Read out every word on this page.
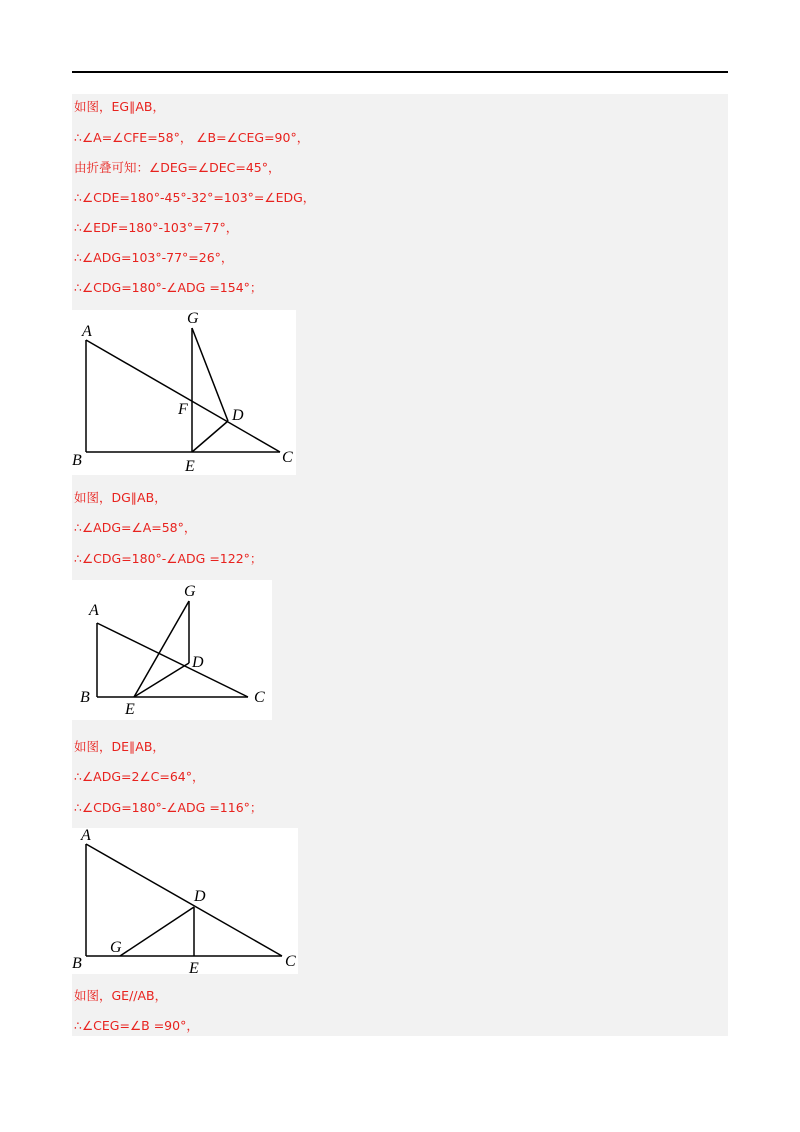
如图，EG∥AB，
∴∠A=∠CFE=58°， ∠B=∠CEG=90°，
由折叠可知：∠DEG=∠DEC=45°，
∴∠CDE=180°-45°-32°=103°=∠EDG，
∴∠EDF=180°-103°=77°，
∴∠ADG=103°-77°=26°，
∴∠CDG=180°-∠ADG =154°；
A
B	C
D
E
F
G
如图，DG∥AB，
∴∠ADG=∠A=58°，
∴∠CDG=180°-∠ADG =122°；
A
B	C
D
E
G
如图，DE∥AB，
∴∠ADG=2∠C=64°，
∴∠CDG=180°-∠ADG =116°；
A
B	C
D
E
G
如图，GE//AB，
∴∠CEG=∠B =90°，
